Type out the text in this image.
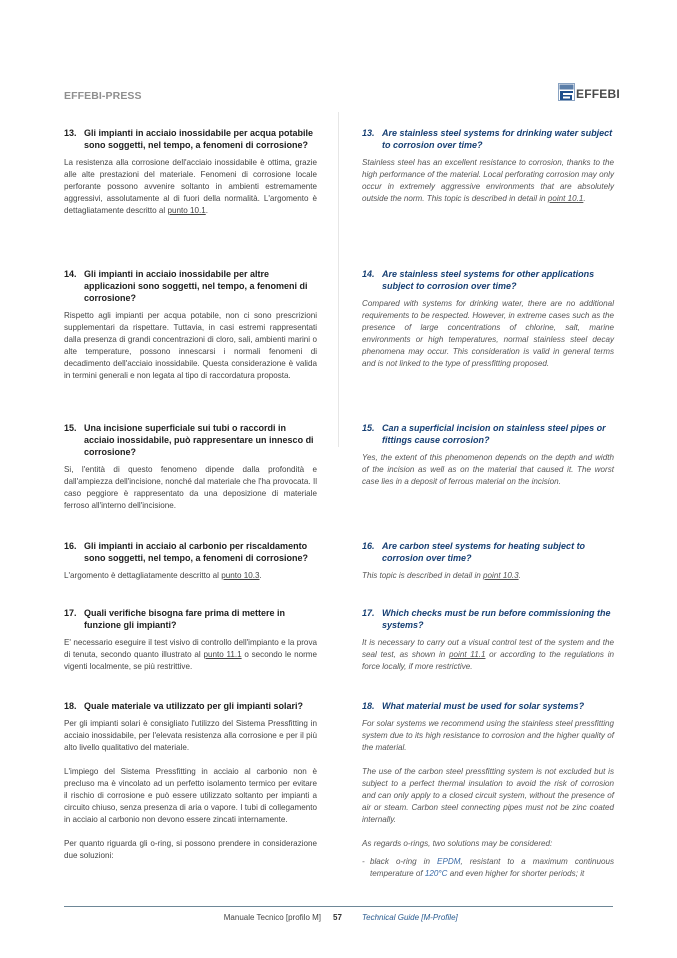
EFFEBI-PRESS	EFFEBI
13. Gli impianti in acciaio inossidabile per acqua potabile sono soggetti, nel tempo, a fenomeni di corrosione?

La resistenza alla corrosione dell'acciaio inossidabile è ottima, grazie alle alte prestazioni del materiale. Fenomeni di corrosione locale perforante possono avvenire soltanto in ambienti estremamente aggressivi, assolutamente al di fuori della normalità. L'argomento è dettagliatamente descritto al punto 10.1.

14. Gli impianti in acciaio inossidabile per altre applicazioni sono soggetti, nel tempo, a fenomeni di corrosione?

Rispetto agli impianti per acqua potabile, non ci sono prescrizioni supplementari da rispettare. Tuttavia, in casi estremi rappresentati dalla presenza di grandi concentrazioni di cloro, sali, ambienti marini o alte temperature, possono innescarsi i normali fenomeni di decadimento dell'acciaio inossidabile. Questa considerazione è valida in termini generali e non legata al tipo di raccordatura proposta.

15. Una incisione superficiale sui tubi o raccordi in acciaio inossidabile, può rappresentare un innesco di corrosione?

Si, l'entità di questo fenomeno dipende dalla profondità e dall'ampiezza dell'incisione, nonché dal materiale che l'ha provocata. Il caso peggiore è rappresentato da una deposizione di materiale ferroso all'interno dell'incisione.

16. Gli impianti in acciaio al carbonio per riscaldamento sono soggetti, nel tempo, a fenomeni di corrosione?

L'argomento è dettagliatamente descritto al punto 10.3.

17. Quali verifiche bisogna fare prima di mettere in funzione gli impianti?

E' necessario eseguire il test visivo di controllo dell'impianto e la prova di tenuta, secondo quanto illustrato al punto 11.1 o secondo le norme vigenti localmente, se più restrittive.

18. Quale materiale va utilizzato per gli impianti solari?

Per gli impianti solari è consigliato l'utilizzo del Sistema Pressfitting in acciaio inossidabile, per l'elevata resistenza alla corrosione e per il più alto livello qualitativo del materiale.

L'impiego del Sistema Pressfitting in acciaio al carbonio non è precluso ma è vincolato ad un perfetto isolamento termico per evitare il rischio di corrosione e può essere utilizzato soltanto per impianti a circuito chiuso, senza presenza di aria o vapore. I tubi di collegamento in acciaio al carbonio non devono essere zincati internamente.

Per quanto riguarda gli o-ring, si possono prendere in considerazione due soluzioni:

13. Are stainless steel systems for drinking water subject to corrosion over time?

Stainless steel has an excellent resistance to corrosion, thanks to the high performance of the material. Local perforating corrosion may only occur in extremely aggressive environments that are absolutely outside the norm. This topic is described in detail in point 10.1.

14. Are stainless steel systems for other applications subject to corrosion over time?

Compared with systems for drinking water, there are no additional requirements to be respected. However, in extreme cases such as the presence of large concentrations of chlorine, salt, marine environments or high temperatures, normal stainless steel decay phenomena may occur. This consideration is valid in general terms and is not linked to the type of pressfitting proposed.

15. Can a superficial incision on stainless steel pipes or fittings cause corrosion?

Yes, the extent of this phenomenon depends on the depth and width of the incision as well as on the material that caused it. The worst case lies in a deposit of ferrous material on the incision.

16. Are carbon steel systems for heating subject to corrosion over time?

This topic is described in detail in point 10.3.

17. Which checks must be run before commissioning the systems?

It is necessary to carry out a visual control test of the system and the seal test, as shown in point 11.1 or according to the regulations in force locally, if more restrictive.

18. What material must be used for solar systems?

For solar systems we recommend using the stainless steel pressfitting system due to its high resistance to corrosion and the higher quality of the material.

The use of the carbon steel pressfitting system is not excluded but is subject to a perfect thermal insulation to avoid the risk of corrosion and can only apply to a closed circuit system, without the presence of air or steam. Carbon steel connecting pipes must not be zinc coated internally.

As regards o-rings, two solutions may be considered:

- black o-ring in EPDM, resistant to a maximum continuous temperature of 120°C and even higher for shorter periods; it
Manuale Tecnico [profilo M] 57	Technical Guide [M-Profile]
